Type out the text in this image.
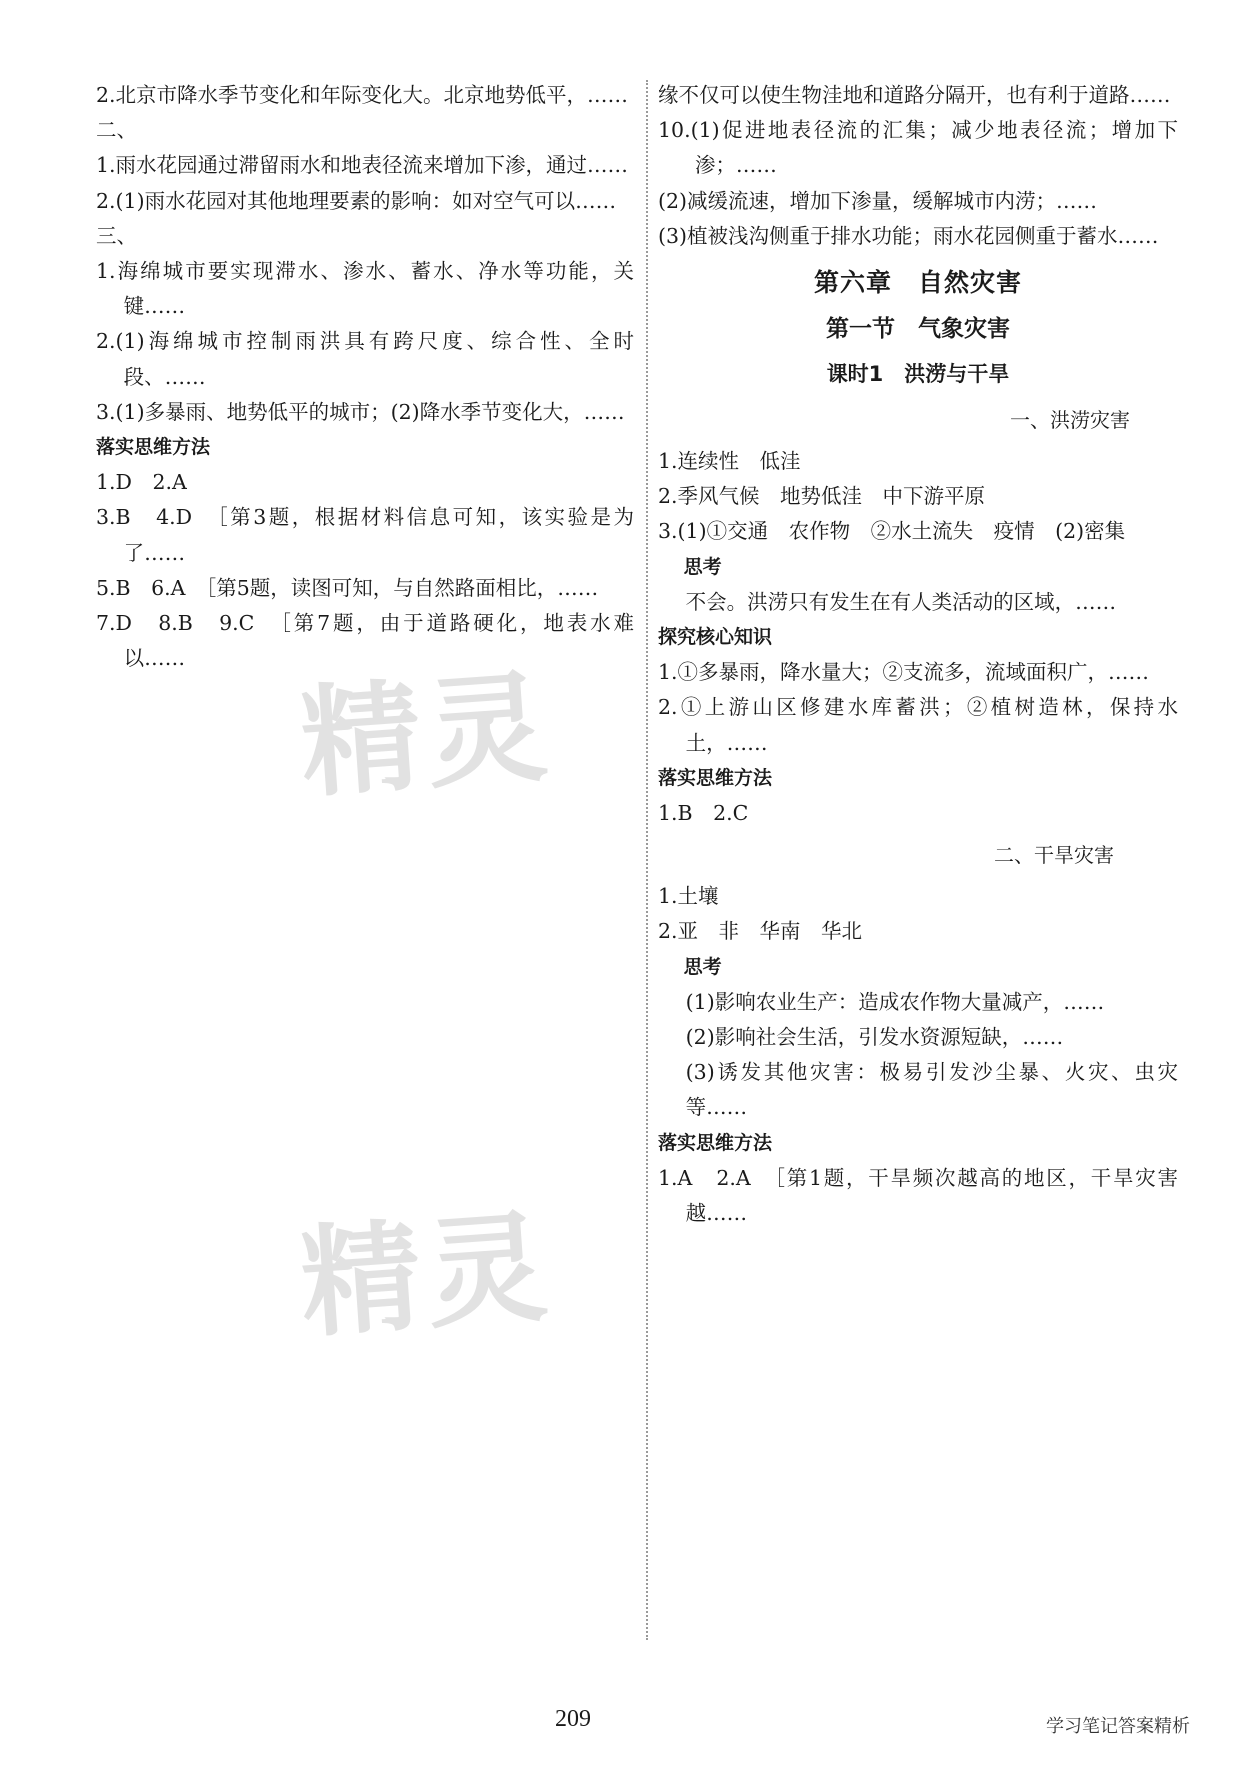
2.北京市降水季节变化和年际变化大。北京地势低平，……

二、

1.雨水花园通过滞留雨水和地表径流来增加下渗，通过……

2.(1)雨水花园对其他地理要素的影响：如对空气可以……

三、

1.海绵城市要实现滞水、渗水、蓄水、净水等功能，关键……

2.(1)海绵城市控制雨洪具有跨尺度、综合性、全时段、……

3.(1)多暴雨、地势低平的城市；(2)降水季节变化大，……

落实思维方法

1.D　2.A

3.B　4.D　［第3题，根据材料信息可知，该实验是为了……

5.B　6.A　［第5题，读图可知，与自然路面相比，……

7.D　8.B　9.C　［第7题，由于道路硬化，地表水难以……

缘不仅可以使生物洼地和道路分隔开，也有利于道路……

10.(1)促进地表径流的汇集；减少地表径流；增加下渗；……

(2)减缓流速，增加下渗量，缓解城市内涝；……

(3)植被浅沟侧重于排水功能；雨水花园侧重于蓄水……

第六章　自然灾害

第一节　气象灾害

课时1　洪涝与干旱

一、洪涝灾害

1.连续性　低洼

2.季风气候　地势低洼　中下游平原

3.(1)①交通　农作物　②水土流失　疫情　(2)密集

思考

不会。洪涝只有发生在有人类活动的区域，……

探究核心知识

1.①多暴雨，降水量大；②支流多，流域面积广，……

2.①上游山区修建水库蓄洪；②植树造林，保持水土，……

落实思维方法

1.B　2.C

二、干旱灾害

1.土壤

2.亚　非　华南　华北

思考

(1)影响农业生产：造成农作物大量减产，……

(2)影响社会生活，引发水资源短缺，……

(3)诱发其他灾害：极易引发沙尘暴、火灾、虫灾等……

落实思维方法

1.A　2.A　［第1题，干旱频次越高的地区，干旱灾害越……

精灵
精灵
209	学习笔记答案精析
